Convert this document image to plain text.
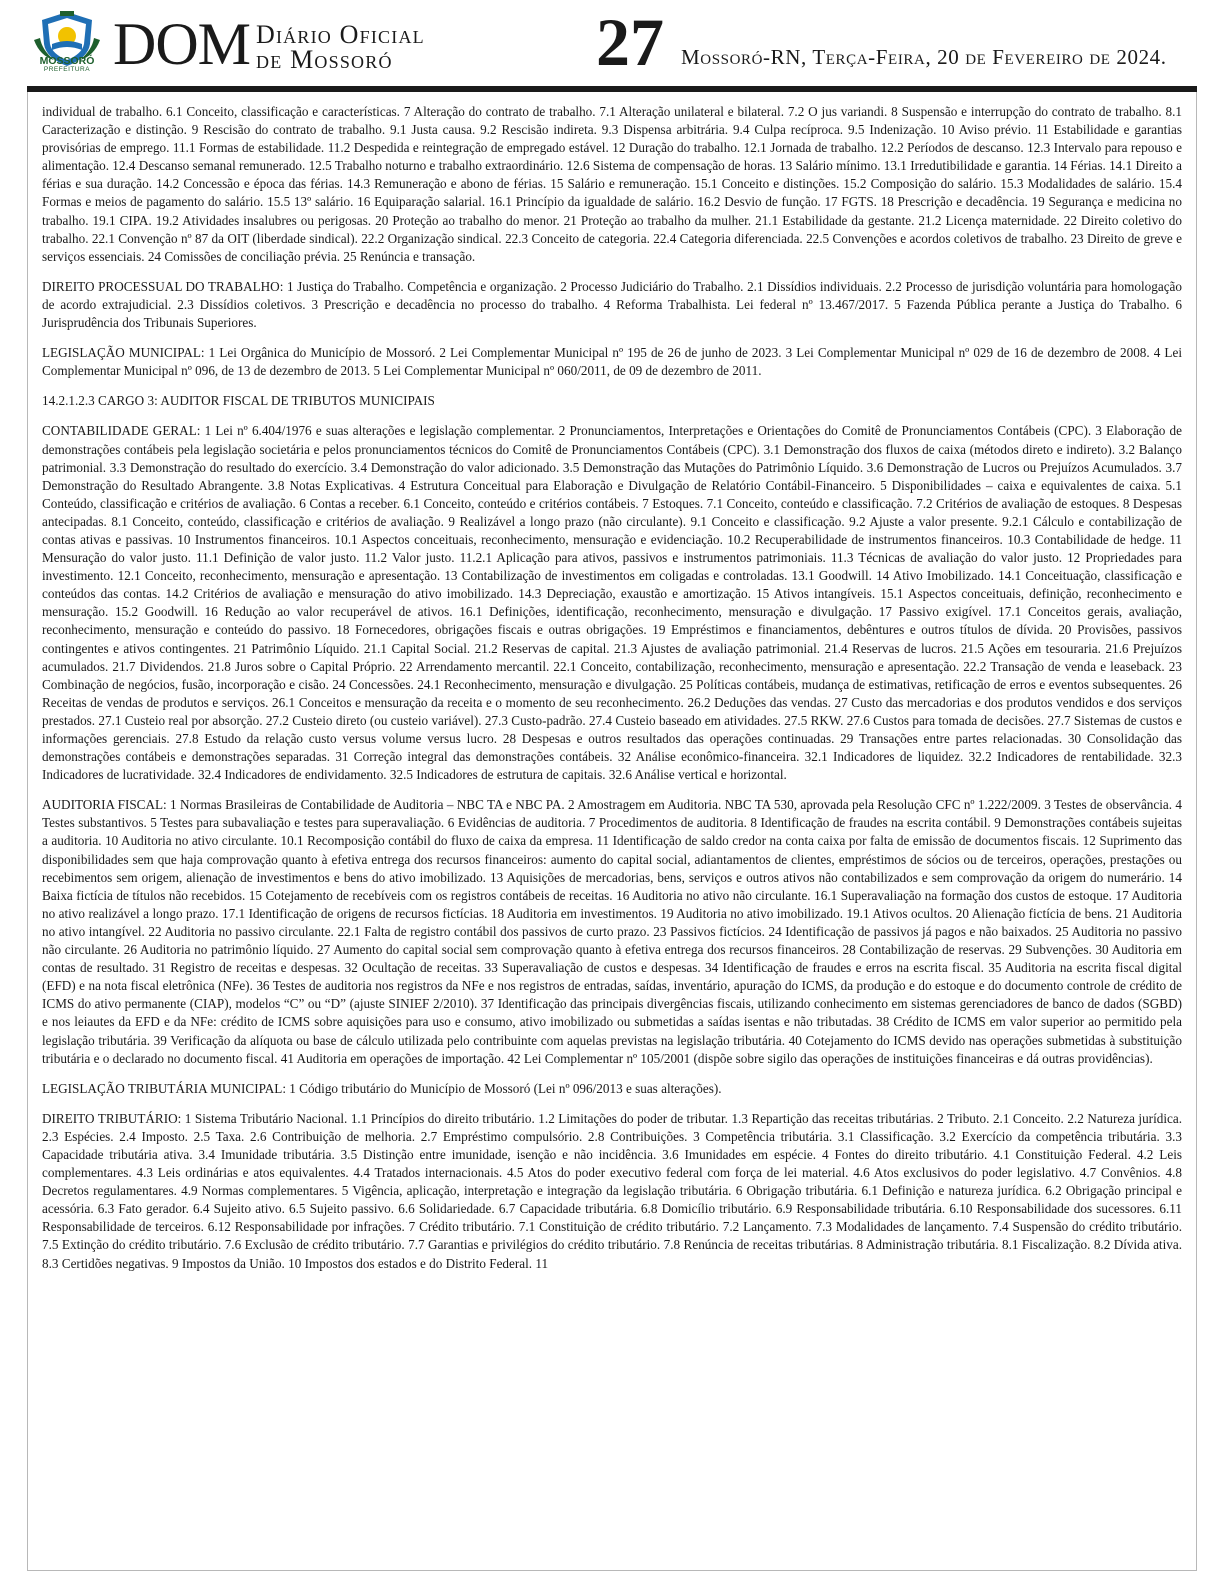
MOSSORÓ
PREFEITURA DOM Diário Oficial
de Mossoró	27 Mossoró-RN, Terça-Feira, 20 de Fevereiro de 2024.

individual de trabalho. 6.1 Conceito, classificação e características. 7 Alteração do contrato de trabalho. 7.1 Alteração unilateral e bilateral. 7.2 O jus variandi. 8 Suspensão e interrupção do contrato de trabalho. 8.1 Caracterização e distinção. 9 Rescisão do contrato de trabalho. 9.1 Justa causa. 9.2 Rescisão indireta. 9.3 Dispensa arbitrária. 9.4 Culpa recíproca. 9.5 Indenização. 10 Aviso prévio. 11 Estabilidade e garantias provisórias de emprego. 11.1 Formas de estabilidade. 11.2 Despedida e reintegração de empregado estável. 12 Duração do trabalho. 12.1 Jornada de trabalho. 12.2 Períodos de descanso. 12.3 Intervalo para repouso e alimentação. 12.4 Descanso semanal remunerado. 12.5 Trabalho noturno e trabalho extraordinário. 12.6 Sistema de compensação de horas. 13 Salário mínimo. 13.1 Irredutibilidade e garantia. 14 Férias. 14.1 Direito a férias e sua duração. 14.2 Concessão e época das férias. 14.3 Remuneração e abono de férias. 15 Salário e remuneração. 15.1 Conceito e distinções. 15.2 Composição do salário. 15.3 Modalidades de salário. 15.4 Formas e meios de pagamento do salário. 15.5 13º salário. 16 Equiparação salarial. 16.1 Princípio da igualdade de salário. 16.2 Desvio de função. 17 FGTS. 18 Prescrição e decadência. 19 Segurança e medicina no trabalho. 19.1 CIPA. 19.2 Atividades insalubres ou perigosas. 20 Proteção ao trabalho do menor. 21 Proteção ao trabalho da mulher. 21.1 Estabilidade da gestante. 21.2 Licença maternidade. 22 Direito coletivo do trabalho. 22.1 Convenção nº 87 da OIT (liberdade sindical). 22.2 Organização sindical. 22.3 Conceito de categoria. 22.4 Categoria diferenciada. 22.5 Convenções e acordos coletivos de trabalho. 23 Direito de greve e serviços essenciais. 24 Comissões de conciliação prévia. 25 Renúncia e transação.

DIREITO PROCESSUAL DO TRABALHO: 1 Justiça do Trabalho. Competência e organização. 2 Processo Judiciário do Trabalho. 2.1 Dissídios individuais. 2.2 Processo de jurisdição voluntária para homologação de acordo extrajudicial. 2.3 Dissídios coletivos. 3 Prescrição e decadência no processo do trabalho. 4 Reforma Trabalhista. Lei federal nº 13.467/2017. 5 Fazenda Pública perante a Justiça do Trabalho. 6 Jurisprudência dos Tribunais Superiores.

LEGISLAÇÃO MUNICIPAL: 1 Lei Orgânica do Município de Mossoró. 2 Lei Complementar Municipal nº 195 de 26 de junho de 2023. 3 Lei Complementar Municipal nº 029 de 16 de dezembro de 2008. 4 Lei Complementar Municipal nº 096, de 13 de dezembro de 2013. 5 Lei Complementar Municipal nº 060/2011, de 09 de dezembro de 2011.

14.2.1.2.3 CARGO 3: AUDITOR FISCAL DE TRIBUTOS MUNICIPAIS

CONTABILIDADE GERAL: 1 Lei nº 6.404/1976 e suas alterações e legislação complementar. 2 Pronunciamentos, Interpretações e Orientações do Comitê de Pronunciamentos Contábeis (CPC). 3 Elaboração de demonstrações contábeis pela legislação societária e pelos pronunciamentos técnicos do Comitê de Pronunciamentos Contábeis (CPC). 3.1 Demonstração dos fluxos de caixa (métodos direto e indireto). 3.2 Balanço patrimonial. 3.3 Demonstração do resultado do exercício. 3.4 Demonstração do valor adicionado. 3.5 Demonstração das Mutações do Patrimônio Líquido. 3.6 Demonstração de Lucros ou Prejuízos Acumulados. 3.7 Demonstração do Resultado Abrangente. 3.8 Notas Explicativas. 4 Estrutura Conceitual para Elaboração e Divulgação de Relatório Contábil-Financeiro. 5 Disponibilidades – caixa e equivalentes de caixa. 5.1 Conteúdo, classificação e critérios de avaliação. 6 Contas a receber. 6.1 Conceito, conteúdo e critérios contábeis. 7 Estoques. 7.1 Conceito, conteúdo e classificação. 7.2 Critérios de avaliação de estoques. 8 Despesas antecipadas. 8.1 Conceito, conteúdo, classificação e critérios de avaliação. 9 Realizável a longo prazo (não circulante). 9.1 Conceito e classificação. 9.2 Ajuste a valor presente. 9.2.1 Cálculo e contabilização de contas ativas e passivas. 10 Instrumentos financeiros. 10.1 Aspectos conceituais, reconhecimento, mensuração e evidenciação. 10.2 Recuperabilidade de instrumentos financeiros. 10.3 Contabilidade de hedge. 11 Mensuração do valor justo. 11.1 Definição de valor justo. 11.2 Valor justo. 11.2.1 Aplicação para ativos, passivos e instrumentos patrimoniais. 11.3 Técnicas de avaliação do valor justo. 12 Propriedades para investimento. 12.1 Conceito, reconhecimento, mensuração e apresentação. 13 Contabilização de investimentos em coligadas e controladas. 13.1 Goodwill. 14 Ativo Imobilizado. 14.1 Conceituação, classificação e conteúdos das contas. 14.2 Critérios de avaliação e mensuração do ativo imobilizado. 14.3 Depreciação, exaustão e amortização. 15 Ativos intangíveis. 15.1 Aspectos conceituais, definição, reconhecimento e mensuração. 15.2 Goodwill. 16 Redução ao valor recuperável de ativos. 16.1 Definições, identificação, reconhecimento, mensuração e divulgação. 17 Passivo exigível. 17.1 Conceitos gerais, avaliação, reconhecimento, mensuração e conteúdo do passivo. 18 Fornecedores, obrigações fiscais e outras obrigações. 19 Empréstimos e financiamentos, debêntures e outros títulos de dívida. 20 Provisões, passivos contingentes e ativos contingentes. 21 Patrimônio Líquido. 21.1 Capital Social. 21.2 Reservas de capital. 21.3 Ajustes de avaliação patrimonial. 21.4 Reservas de lucros. 21.5 Ações em tesouraria. 21.6 Prejuízos acumulados. 21.7 Dividendos. 21.8 Juros sobre o Capital Próprio. 22 Arrendamento mercantil. 22.1 Conceito, contabilização, reconhecimento, mensuração e apresentação. 22.2 Transação de venda e leaseback. 23 Combinação de negócios, fusão, incorporação e cisão. 24 Concessões. 24.1 Reconhecimento, mensuração e divulgação. 25 Políticas contábeis, mudança de estimativas, retificação de erros e eventos subsequentes. 26 Receitas de vendas de produtos e serviços. 26.1 Conceitos e mensuração da receita e o momento de seu reconhecimento. 26.2 Deduções das vendas. 27 Custo das mercadorias e dos produtos vendidos e dos serviços prestados. 27.1 Custeio real por absorção. 27.2 Custeio direto (ou custeio variável). 27.3 Custo-padrão. 27.4 Custeio baseado em atividades. 27.5 RKW. 27.6 Custos para tomada de decisões. 27.7 Sistemas de custos e informações gerenciais. 27.8 Estudo da relação custo versus volume versus lucro. 28 Despesas e outros resultados das operações continuadas. 29 Transações entre partes relacionadas. 30 Consolidação das demonstrações contábeis e demonstrações separadas. 31 Correção integral das demonstrações contábeis. 32 Análise econômico-financeira. 32.1 Indicadores de liquidez. 32.2 Indicadores de rentabilidade. 32.3 Indicadores de lucratividade. 32.4 Indicadores de endividamento. 32.5 Indicadores de estrutura de capitais. 32.6 Análise vertical e horizontal.

AUDITORIA FISCAL: 1 Normas Brasileiras de Contabilidade de Auditoria – NBC TA e NBC PA. 2 Amostragem em Auditoria. NBC TA 530, aprovada pela Resolução CFC nº 1.222/2009. 3 Testes de observância. 4 Testes substantivos. 5 Testes para subavaliação e testes para superavaliação. 6 Evidências de auditoria. 7 Procedimentos de auditoria. 8 Identificação de fraudes na escrita contábil. 9 Demonstrações contábeis sujeitas a auditoria. 10 Auditoria no ativo circulante. 10.1 Recomposição contábil do fluxo de caixa da empresa. 11 Identificação de saldo credor na conta caixa por falta de emissão de documentos fiscais. 12 Suprimento das disponibilidades sem que haja comprovação quanto à efetiva entrega dos recursos financeiros: aumento do capital social, adiantamentos de clientes, empréstimos de sócios ou de terceiros, operações, prestações ou recebimentos sem origem, alienação de investimentos e bens do ativo imobilizado. 13 Aquisições de mercadorias, bens, serviços e outros ativos não contabilizados e sem comprovação da origem do numerário. 14 Baixa fictícia de títulos não recebidos. 15 Cotejamento de recebíveis com os registros contábeis de receitas. 16 Auditoria no ativo não circulante. 16.1 Superavaliação na formação dos custos de estoque. 17 Auditoria no ativo realizável a longo prazo. 17.1 Identificação de origens de recursos fictícias. 18 Auditoria em investimentos. 19 Auditoria no ativo imobilizado. 19.1 Ativos ocultos. 20 Alienação fictícia de bens. 21 Auditoria no ativo intangível. 22 Auditoria no passivo circulante. 22.1 Falta de registro contábil dos passivos de curto prazo. 23 Passivos fictícios. 24 Identificação de passivos já pagos e não baixados. 25 Auditoria no passivo não circulante. 26 Auditoria no patrimônio líquido. 27 Aumento do capital social sem comprovação quanto à efetiva entrega dos recursos financeiros. 28 Contabilização de reservas. 29 Subvenções. 30 Auditoria em contas de resultado. 31 Registro de receitas e despesas. 32 Ocultação de receitas. 33 Superavaliação de custos e despesas. 34 Identificação de fraudes e erros na escrita fiscal. 35 Auditoria na escrita fiscal digital (EFD) e na nota fiscal eletrônica (NFe). 36 Testes de auditoria nos registros da NFe e nos registros de entradas, saídas, inventário, apuração do ICMS, da produção e do estoque e do documento controle de crédito de ICMS do ativo permanente (CIAP), modelos “C” ou “D” (ajuste SINIEF 2/2010). 37 Identificação das principais divergências fiscais, utilizando conhecimento em sistemas gerenciadores de banco de dados (SGBD) e nos leiautes da EFD e da NFe: crédito de ICMS sobre aquisições para uso e consumo, ativo imobilizado ou submetidas a saídas isentas e não tributadas. 38 Crédito de ICMS em valor superior ao permitido pela legislação tributária. 39 Verificação da alíquota ou base de cálculo utilizada pelo contribuinte com aquelas previstas na legislação tributária. 40 Cotejamento do ICMS devido nas operações submetidas à substituição tributária e o declarado no documento fiscal. 41 Auditoria em operações de importação. 42 Lei Complementar nº 105/2001 (dispõe sobre sigilo das operações de instituições financeiras e dá outras providências).

LEGISLAÇÃO TRIBUTÁRIA MUNICIPAL: 1 Código tributário do Município de Mossoró (Lei nº 096/2013 e suas alterações).

DIREITO TRIBUTÁRIO: 1 Sistema Tributário Nacional. 1.1 Princípios do direito tributário. 1.2 Limitações do poder de tributar. 1.3 Repartição das receitas tributárias. 2 Tributo. 2.1 Conceito. 2.2 Natureza jurídica. 2.3 Espécies. 2.4 Imposto. 2.5 Taxa. 2.6 Contribuição de melhoria. 2.7 Empréstimo compulsório. 2.8 Contribuições. 3 Competência tributária. 3.1 Classificação. 3.2 Exercício da competência tributária. 3.3 Capacidade tributária ativa. 3.4 Imunidade tributária. 3.5 Distinção entre imunidade, isenção e não incidência. 3.6 Imunidades em espécie. 4 Fontes do direito tributário. 4.1 Constituição Federal. 4.2 Leis complementares. 4.3 Leis ordinárias e atos equivalentes. 4.4 Tratados internacionais. 4.5 Atos do poder executivo federal com força de lei material. 4.6 Atos exclusivos do poder legislativo. 4.7 Convênios. 4.8 Decretos regulamentares. 4.9 Normas complementares. 5 Vigência, aplicação, interpretação e integração da legislação tributária. 6 Obrigação tributária. 6.1 Definição e natureza jurídica. 6.2 Obrigação principal e acessória. 6.3 Fato gerador. 6.4 Sujeito ativo. 6.5 Sujeito passivo. 6.6 Solidariedade. 6.7 Capacidade tributária. 6.8 Domicílio tributário. 6.9 Responsabilidade tributária. 6.10 Responsabilidade dos sucessores. 6.11 Responsabilidade de terceiros. 6.12 Responsabilidade por infrações. 7 Crédito tributário. 7.1 Constituição de crédito tributário. 7.2 Lançamento. 7.3 Modalidades de lançamento. 7.4 Suspensão do crédito tributário. 7.5 Extinção do crédito tributário. 7.6 Exclusão de crédito tributário. 7.7 Garantias e privilégios do crédito tributário. 7.8 Renúncia de receitas tributárias. 8 Administração tributária. 8.1 Fiscalização. 8.2 Dívida ativa. 8.3 Certidões negativas. 9 Impostos da União. 10 Impostos dos estados e do Distrito Federal. 11
